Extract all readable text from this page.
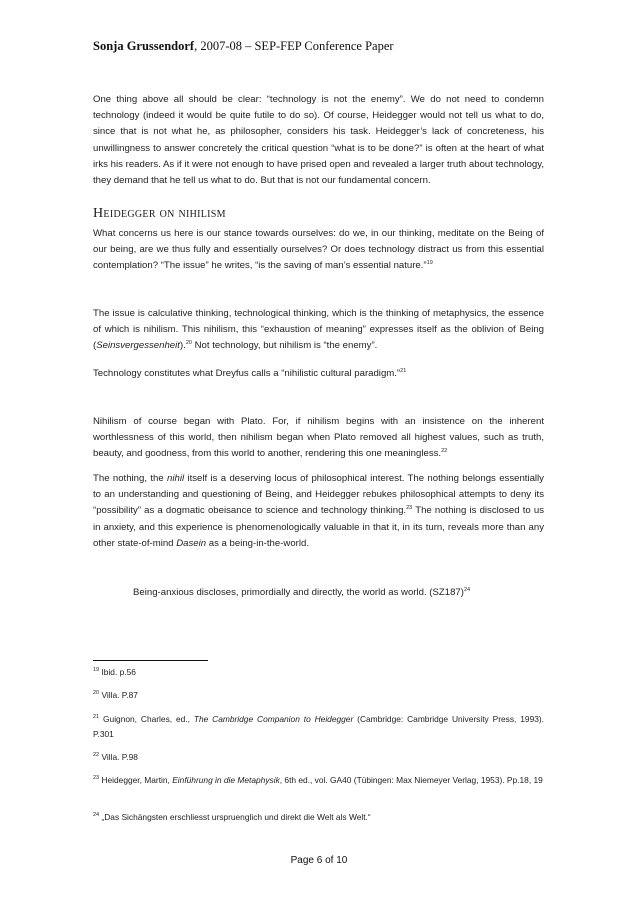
Sonja Grussendorf, 2007-08 – SEP-FEP Conference Paper
One thing above all should be clear: “technology is not the enemy”. We do not need to condemn technology (indeed it would be quite futile to do so). Of course, Heidegger would not tell us what to do, since that is not what he, as philosopher, considers his task. Heidegger’s lack of concreteness, his unwillingness to answer concretely the critical question “what is to be done?” is often at the heart of what irks his readers. As if it were not enough to have prised open and revealed a larger truth about technology, they demand that he tell us what to do. But that is not our fundamental concern.
Heidegger on nihilism
What concerns us here is our stance towards ourselves: do we, in our thinking, meditate on the Being of our being, are we thus fully and essentially ourselves? Or does technology distract us from this essential contemplation? “The issue” he writes, “is the saving of man’s essential nature.”$^{19}$
The issue is calculative thinking, technological thinking, which is the thinking of metaphysics, the essence of which is nihilism. This nihilism, this “exhaustion of meaning” expresses itself as the oblivion of Being (Seinsvergessenheit).$^{20}$ Not technology, but nihilism is “the enemy”.
Technology constitutes what Dreyfus calls a “nihilistic cultural paradigm.”$^{21}$
Nihilism of course began with Plato. For, if nihilism begins with an insistence on the inherent worthlessness of this world, then nihilism began when Plato removed all highest values, such as truth, beauty, and goodness, from this world to another, rendering this one meaningless.$^{22}$
The nothing, the nihil itself is a deserving locus of philosophical interest. The nothing belongs essentially to an understanding and questioning of Being, and Heidegger rebukes philosophical attempts to deny its “possibility” as a dogmatic obeisance to science and technology thinking.$^{23}$ The nothing is disclosed to us in anxiety, and this experience is phenomenologically valuable in that it, in its turn, reveals more than any other state-of-mind Dasein as a being-in-the-world.
Being-anxious discloses, primordially and directly, the world as world. $(SZ187)^{24}$
$^{19}$ Ibid. p.56
$^{20}$ Villa. P.87
$^{21}$ Guignon, Charles, ed., The Cambridge Companion to Heidegger (Cambridge: Cambridge University Press, 1993). P.301
$^{22}$ Villa. P.98
$^{23}$ Heidegger, Martin, Einführung in die Metaphysik, 6th ed., vol. GA40 (Tübingen: Max Niemeyer Verlag, 1953). Pp.18, 19
$^{24}$ „Das Sichängsten erschliesst urspruenglich und direkt die Welt als Welt.“
Page 6 of 10
